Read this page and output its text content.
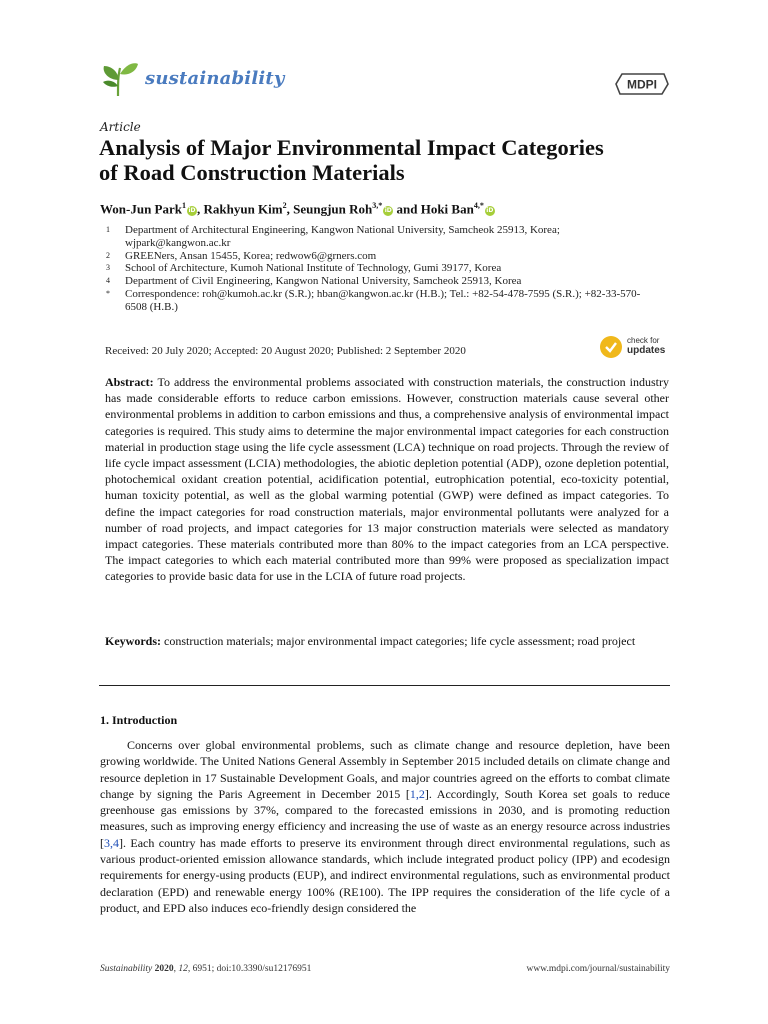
sustainability	MDPI
Article
Analysis of Major Environmental Impact Categories
of Road Construction Materials
Won-Jun Park$^1$iD, Rakhyun Kim$^2$, Seungjun Roh$^{3,*}$iD and Hoki Ban$^{4,*}$iD
1	Department of Architectural Engineering, Kangwon National University, Samcheok 25913, Korea; wjpark@kangwon.ac.kr
2	GREENers, Ansan 15455, Korea; redwow6@grners.com
3	School of Architecture, Kumoh National Institute of Technology, Gumi 39177, Korea
4	Department of Civil Engineering, Kangwon National University, Samcheok 25913, Korea
*	Correspondence: roh@kumoh.ac.kr (S.R.); hban@kangwon.ac.kr (H.B.); Tel.: +82-54-478-7595 (S.R.); +82-33-570-6508 (H.B.)
Received: 20 July 2020; Accepted: 20 August 2020; Published: 2 September 2020
check for
updates
Abstract: To address the environmental problems associated with construction materials, the construction industry has made considerable efforts to reduce carbon emissions. However, construction materials cause several other environmental problems in addition to carbon emissions and thus, a comprehensive analysis of environmental impact categories is required. This study aims to determine the major environmental impact categories for each construction material in production stage using the life cycle assessment (LCA) technique on road projects. Through the review of life cycle impact assessment (LCIA) methodologies, the abiotic depletion potential (ADP), ozone depletion potential, photochemical oxidant creation potential, acidification potential, eutrophication potential, eco-toxicity potential, human toxicity potential, as well as the global warming potential (GWP) were defined as impact categories. To define the impact categories for road construction materials, major environmental pollutants were analyzed for a number of road projects, and impact categories for 13 major construction materials were selected as mandatory impact categories. These materials contributed more than 80% to the impact categories from an LCA perspective. The impact categories to which each material contributed more than 99% were proposed as specialization impact categories to provide basic data for use in the LCIA of future road projects.
Keywords: construction materials; major environmental impact categories; life cycle assessment; road project
1. Introduction
Concerns over global environmental problems, such as climate change and resource depletion, have been growing worldwide. The United Nations General Assembly in September 2015 included details on climate change and resource depletion in 17 Sustainable Development Goals, and major countries agreed on the efforts to combat climate change by signing the Paris Agreement in December 2015 [1,2]. Accordingly, South Korea set goals to reduce greenhouse gas emissions by 37%, compared to the forecasted emissions in 2030, and is promoting reduction measures, such as improving energy efficiency and increasing the use of waste as an energy resource across industries [3,4]. Each country has made efforts to preserve its environment through direct environmental regulations, such as various product-oriented emission allowance standards, which include integrated product policy (IPP) and ecodesign requirements for energy-using products (EUP), and indirect environmental regulations, such as environmental product declaration (EPD) and renewable energy 100% (RE100). The IPP requires the consideration of the life cycle of a product, and EPD also induces eco-friendly design considered the
Sustainability 2020, 12, 6951; doi:10.3390/su12176951	www.mdpi.com/journal/sustainability
